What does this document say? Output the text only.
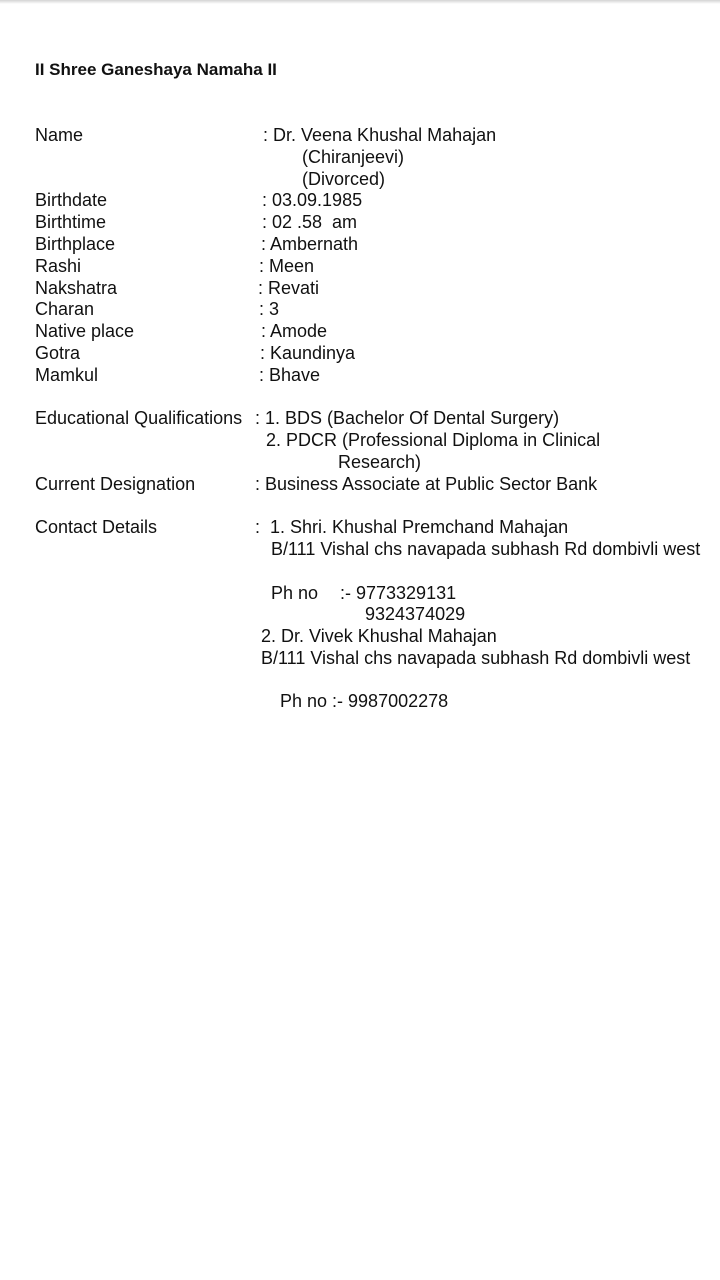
II Shree Ganeshaya Namaha II
Name	: Dr. Veena Khushal Mahajan
(Chiranjeevi)
(Divorced)
Birthdate	: 03.09.1985
Birthtime	: 02 .58  am
Birthplace	: Ambernath
Rashi	: Meen
Nakshatra	: Revati
Charan	: 3
Native place	: Amode
Gotra	: Kaundinya
Mamkul	: Bhave
Educational Qualifications : 1. BDS (Bachelor Of Dental Surgery)
2. PDCR (Professional Diploma in Clinical
Research)
Current Designation	: Business Associate at Public Sector Bank
Contact Details	:  1. Shri. Khushal Premchand Mahajan
B/111 Vishal chs navapada subhash Rd dombivli west
Ph no :- 9773329131
9324374029
2. Dr. Vivek Khushal Mahajan
B/111 Vishal chs navapada subhash Rd dombivli west
Ph no :- 9987002278
